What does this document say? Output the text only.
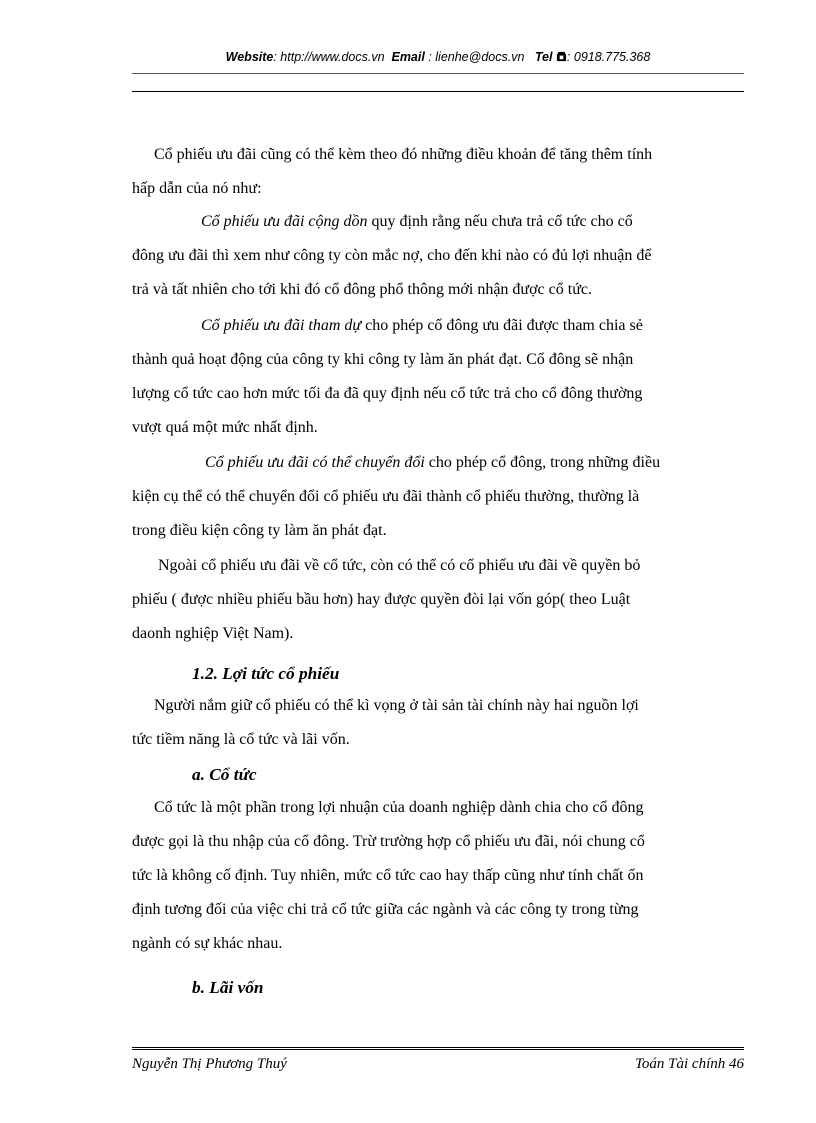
Website: http://www.docs.vn Email : lienhe@docs.vn Tel : 0918.775.368
Cổ phiếu ưu đãi cũng có thể kèm theo đó những điều khoản để tăng thêm tính
hấp dẫn của nó như:
Cổ phiếu ưu đãi cộng dồn quy định rằng nếu chưa trả cổ tức cho cổ
đông ưu đãi thì xem như công ty còn mắc nợ, cho đến khi nào có đủ lợi nhuận để
trả và tất nhiên cho tới khi đó cổ đông phổ thông mới nhận được cổ tức.
Cổ phiếu ưu đãi tham dự cho phép cổ đông ưu đãi được tham chia sẻ
thành quả hoạt động của công ty khi công ty làm ăn phát đạt. Cổ đông sẽ nhận
lượng cổ tức cao hơn mức tối đa đã quy định nếu cổ tức trả cho cổ đông thường
vượt quá một mức nhất định.
Cổ phiếu ưu đãi có thể chuyển đổi cho phép cổ đông, trong những điều
kiện cụ thể có thể chuyển đổi cổ phiếu ưu đãi thành cổ phiếu thường, thường là
trong điều kiện công ty làm ăn phát đạt.
Ngoài cổ phiếu ưu đãi về cổ tức, còn có thể có cổ phiếu ưu đãi về quyền bỏ
phiếu ( được nhiều phiếu bầu hơn) hay được quyền đòi lại vốn góp( theo Luật
daonh nghiệp Việt Nam).
1.2. Lợi tức cổ phiếu
Người nắm giữ cổ phiếu có thể kì vọng ở tài sản tài chính này hai nguồn lợi
tức tiềm năng là cổ tức và lãi vốn.
a. Cổ tức
Cổ tức là một phần trong lợi nhuận của doanh nghiệp dành chia cho cổ đông
được gọi là thu nhập của cổ đông. Trừ trường hợp cổ phiếu ưu đãi, nói chung cổ
tức là không cố định. Tuy nhiên, mức cổ tức cao hay thấp cũng như tính chất ổn
định tương đối của việc chi trả cổ tức giữa các ngành và các công ty trong từng
ngành có sự khác nhau.
b. Lãi vốn
Nguyễn Thị Phương Thuý	Toán Tài chính 46
